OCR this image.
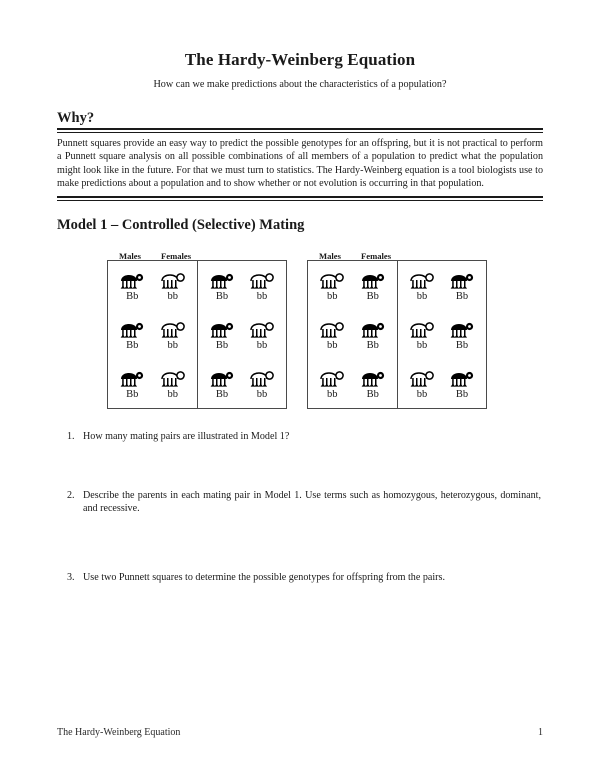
The Hardy-Weinberg Equation

How can we make predictions about the characteristics of a population?

Why?

Punnett squares provide an easy way to predict the possible genotypes for an offspring, but it is not practical to perform a Punnett square analysis on all possible combinations of all members of a population to predict what the population might look like in the future. For that we must turn to statistics. The Hardy-Weinberg equation is a tool biologists use to make predictions about a population and to show whether or not evolution is occurring in that population.

Model 1 – Controlled (Selective) Mating
Males Females
Bb	bb
Bb	bb
Bb	bb
Bb	bb
Bb	bb
Bb	bb
Males Females
bb	Bb
bb	Bb
bb	Bb
bb	Bb
bb	Bb
bb	Bb
1. How many mating pairs are illustrated in Model 1?
2. Describe the parents in each mating pair in Model 1. Use terms such as homozygous, heterozygous, dominant, and recessive.
3. Use two Punnett squares to determine the possible genotypes for offspring from the pairs.
The Hardy-Weinberg Equation	1
